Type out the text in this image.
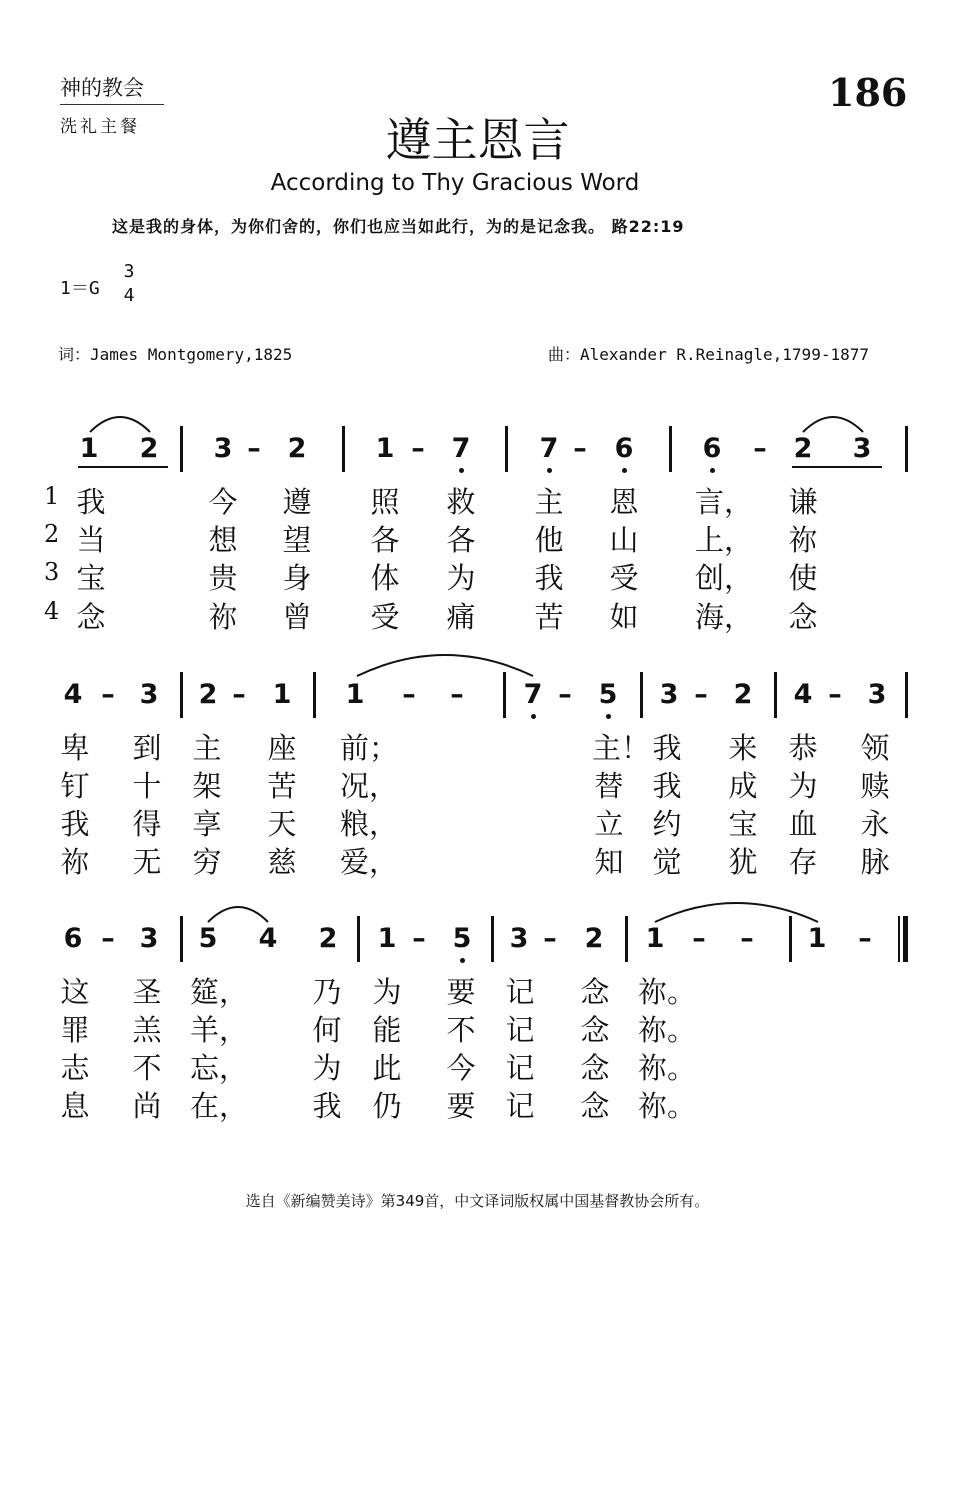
神的教会
洗礼主餐
186
遵主恩言
According to Thy Gracious Word
这是我的身体，为你们舍的，你们也应当如此行，为的是记念我。 路22:19
1＝G
3
4
词：James Montgomery,1825	曲：Alexander R.Reinagle,1799-1877
1 2 3 – 2	1 – 7	7 –	6	6	– 2 3
1
2
3
4
我	今 遵 照 救 主 恩 言， 谦
当	想 望 各 各 他 山 上， 祢
宝	贵 身 体 为 我 受 创， 使
念	祢 曾 受 痛 苦 如 海， 念
4 – 3 2 – 1 1	–	–	7 – 5 3 – 2 4 – 3
卑 到 主 座 前；	主！ 我 来 恭 领
钉 十 架 苦 况，	替 我 成 为 赎
我 得 享 天 粮，	立 约 宝 血 永
祢 无 穷 慈 爱，	知 觉 犹 存 脉
6 – 3 5 4 2 1 – 5 3 –	2 1	–	–	1	–
这 圣 筵， 乃 为 要 记 念 祢。
罪 羔 羊， 何 能 不 记 念 祢。
志 不 忘， 为 此 今 记 念 祢。
息 尚 在， 我 仍 要 记 念 祢。
选自《新编赞美诗》第349首，中文译词版权属中国基督教协会所有。
